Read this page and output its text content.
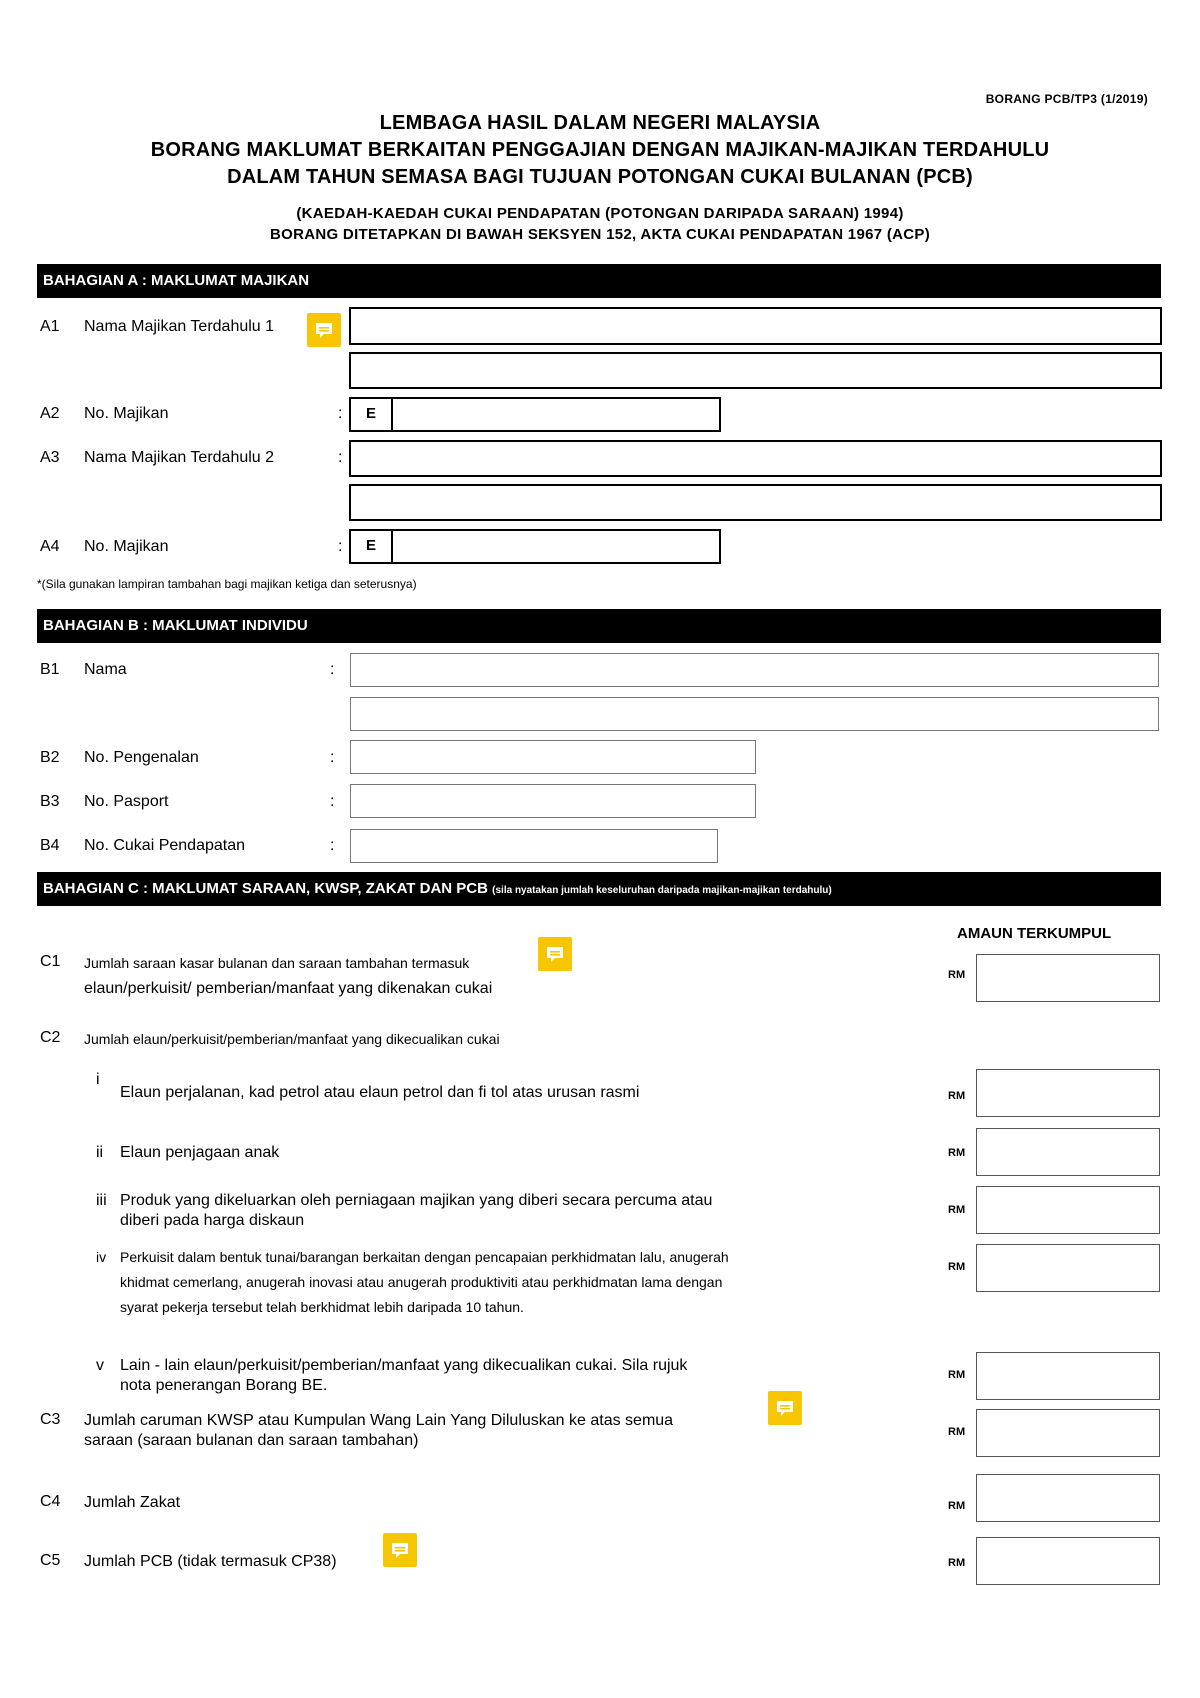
BORANG PCB/TP3 (1/2019)
LEMBAGA HASIL DALAM NEGERI MALAYSIA
BORANG MAKLUMAT BERKAITAN PENGGAJIAN DENGAN MAJIKAN-MAJIKAN TERDAHULU
DALAM TAHUN SEMASA BAGI TUJUAN POTONGAN CUKAI BULANAN (PCB)
(KAEDAH-KAEDAH CUKAI PENDAPATAN (POTONGAN DARIPADA SARAAN) 1994)
BORANG DITETAPKAN DI BAWAH SEKSYEN 152, AKTA CUKAI PENDAPATAN 1967 (ACP)
BAHAGIAN A : MAKLUMAT MAJIKAN
A1 Nama Majikan Terdahulu 1
A2 No. Majikan	:	E
A3 Nama Majikan Terdahulu 2	:
A4 No. Majikan	:	E
*(Sila gunakan lampiran tambahan bagi majikan ketiga dan seterusnya)
BAHAGIAN B : MAKLUMAT INDIVIDU
B1 Nama	:
B2 No. Pengenalan	:
B3 No. Pasport	:
B4 No. Cukai Pendapatan	:
BAHAGIAN C : MAKLUMAT SARAAN, KWSP, ZAKAT DAN PCB (sila nyatakan jumlah keseluruhan daripada majikan-majikan terdahulu)
AMAUN TERKUMPUL
C1 Jumlah saraan kasar bulanan dan saraan tambahan termasuk
elaun/perkuisit/ pemberian/manfaat yang dikenakan cukai
RM
C2 Jumlah elaun/perkuisit/pemberian/manfaat yang dikecualikan cukai
i
Elaun perjalanan, kad petrol atau elaun petrol dan fi tol atas urusan rasmi	RM
ii Elaun penjagaan anak	RM
iii Produk yang dikeluarkan oleh perniagaan majikan yang diberi secara percuma atau
diberi pada harga diskaun
RM
iv Perkuisit dalam bentuk tunai/barangan berkaitan dengan pencapaian perkhidmatan lalu, anugerah
khidmat cemerlang, anugerah inovasi atau anugerah produktiviti atau perkhidmatan lama dengan
syarat pekerja tersebut telah berkhidmat lebih daripada 10 tahun.
RM
v Lain - lain elaun/perkuisit/pemberian/manfaat yang dikecualikan cukai. Sila rujuk
nota penerangan Borang BE.
RM
C3 Jumlah caruman KWSP atau Kumpulan Wang Lain Yang Diluluskan ke atas semua
saraan (saraan bulanan dan saraan tambahan)	RM
C4 Jumlah Zakat	RM
C5 Jumlah PCB (tidak termasuk CP38)	RM
